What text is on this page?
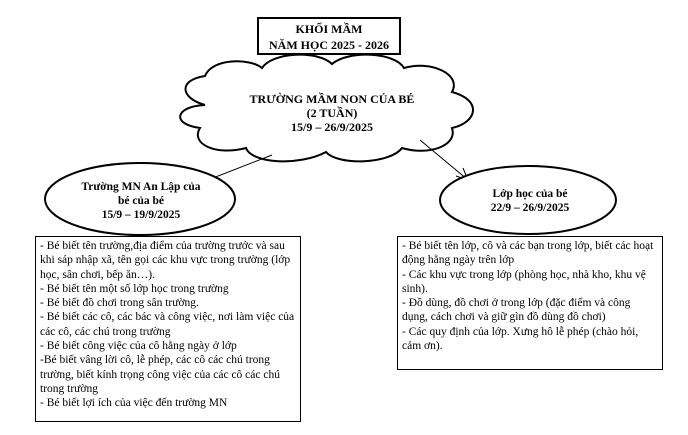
KHỐI MẦM
NĂM HỌC 2025 - 2026
TRƯỜNG MẦM NON CỦA BÉ
(2 TUẦN)
15/9 – 26/9/2025
Trường MN An Lập của
bé của bé
15/9 – 19/9/2025
Lớp học của bé
22/9 – 26/9/2025
- Bé biết tên trường,địa điểm của trường trước và sau khi sáp nhập xã, tên gọi các khu vực trong trường (lớp học, sân chơi, bếp ăn…).
- Bé biết tên một số lớp học trong trường
- Bé biết đồ chơi trong sân trường.
- Bé biết các cô, các bác và công việc, nơi làm việc của các cô, các chú trong trường
- Bé biết công việc của cô hằng ngày ở lớp
-Bé biết vâng lời cô, lễ phép, các cô các chú trong trường, biết kính trọng công việc của các cô các chú trong trường
- Bé biết lợi ích của việc đến trường MN
- Bé biết tên lớp, cô và các bạn trong lớp, biết các hoạt động hằng ngày trên lớp
- Các khu vực trong lớp (phòng học, nhà kho, khu vệ sinh).
- Đồ dùng, đồ chơi ở trong lớp (đặc điểm và công dụng, cách chơi và giữ gìn đồ dùng đồ chơi)
- Các quy định của lớp. Xưng hô lễ phép (chào hỏi, cảm ơn).
